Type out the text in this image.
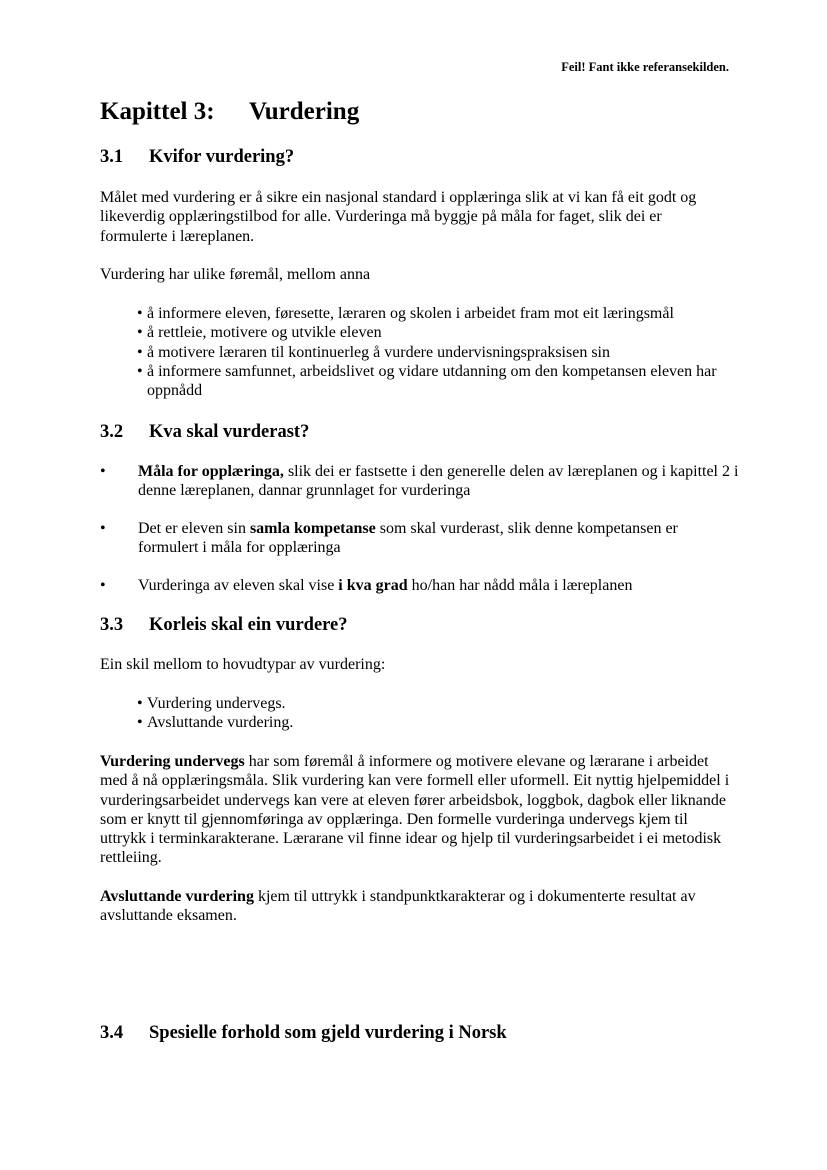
Feil! Fant ikke referansekilden.

Kapittel 3: Vurdering
3.1 Kvifor vurdering?

Målet med vurdering er å sikre ein nasjonal standard i opplæringa slik at vi kan få eit godt og likeverdig opplæringstilbod for alle. Vurderinga må byggje på måla for faget, slik dei er formulerte i læreplanen.

Vurdering har ulike føremål, mellom anna

• å informere eleven, føresette, læraren og skolen i arbeidet fram mot eit læringsmål
• å rettleie, motivere og utvikle eleven
• å motivere læraren til kontinuerleg å vurdere undervisningspraksisen sin
• å informere samfunnet, arbeidslivet og vidare utdanning om den kompetansen eleven har oppnådd
3.2 Kva skal vurderast?
• Måla for opplæringa, slik dei er fastsette i den generelle delen av læreplanen og i kapittel 2 i denne læreplanen, dannar grunnlaget for vurderinga
• Det er eleven sin samla kompetanse som skal vurderast, slik denne kompetansen er formulert i måla for opplæringa
• Vurderinga av eleven skal vise i kva grad ho/han har nådd måla i læreplanen
3.3 Korleis skal ein vurdere?

Ein skil mellom to hovudtypar av vurdering:

• Vurdering undervegs.
• Avsluttande vurdering.

Vurdering undervegs har som føremål å informere og motivere elevane og lærarane i arbeidet med å nå opplæringsmåla. Slik vurdering kan vere formell eller uformell. Eit nyttig hjelpemiddel i vurderingsarbeidet undervegs kan vere at eleven fører arbeidsbok, loggbok, dagbok eller liknande som er knytt til gjennomføringa av opplæringa. Den formelle vurderinga undervegs kjem til uttrykk i terminkarakterane. Lærarane vil finne idear og hjelp til vurderingsarbeidet i ei metodisk rettleiing.

Avsluttande vurdering kjem til uttrykk i standpunktkarakterar og i dokumenterte resultat av avsluttande eksamen.

3.4 Spesielle forhold som gjeld vurdering i Norsk
